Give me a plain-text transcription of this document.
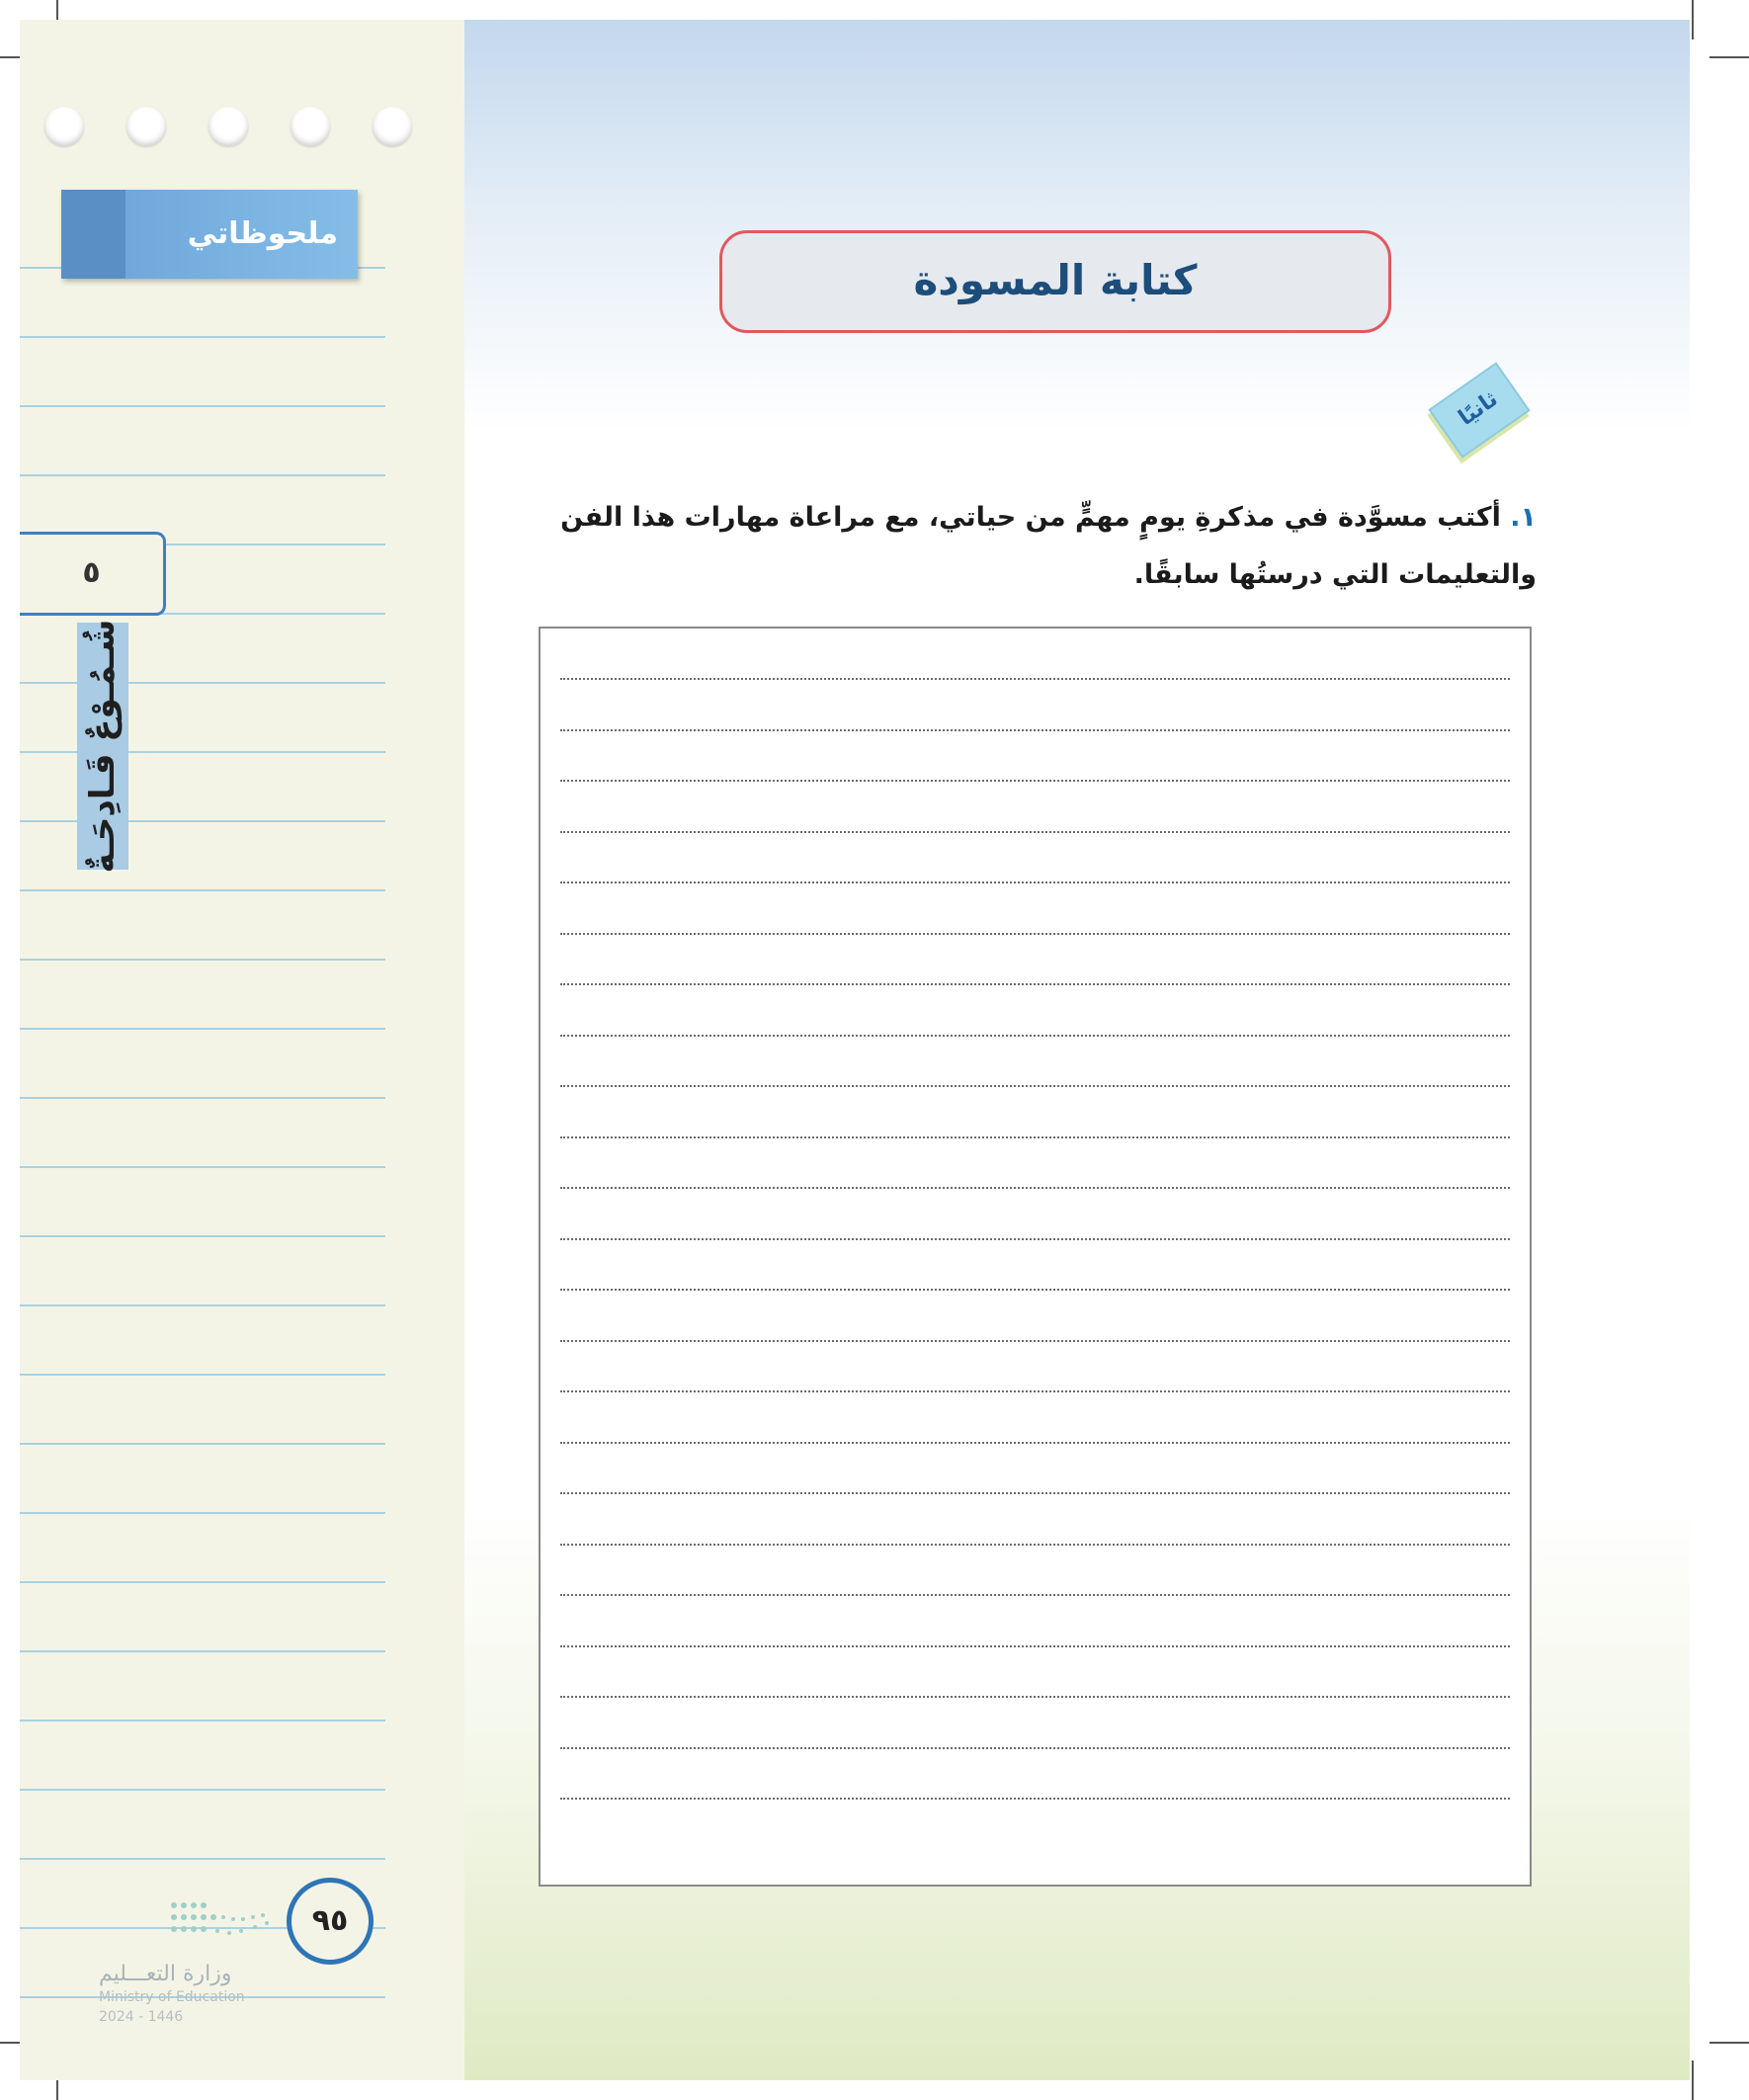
ملحوظاتي
٥
شُـمُـوْعٌ قَـادِحَـةٌ
٩٥
وزارة التعـــليم
Ministry of Education
2024 - 1446
كتابة المسودة
ثانيًا
١. أكتب مسوَّدة في مذكرةِ يومٍ مهمٍّ من حياتي، مع مراعاة مهارات هذا الفن والتعليمات التي درستُها سابقًا.
